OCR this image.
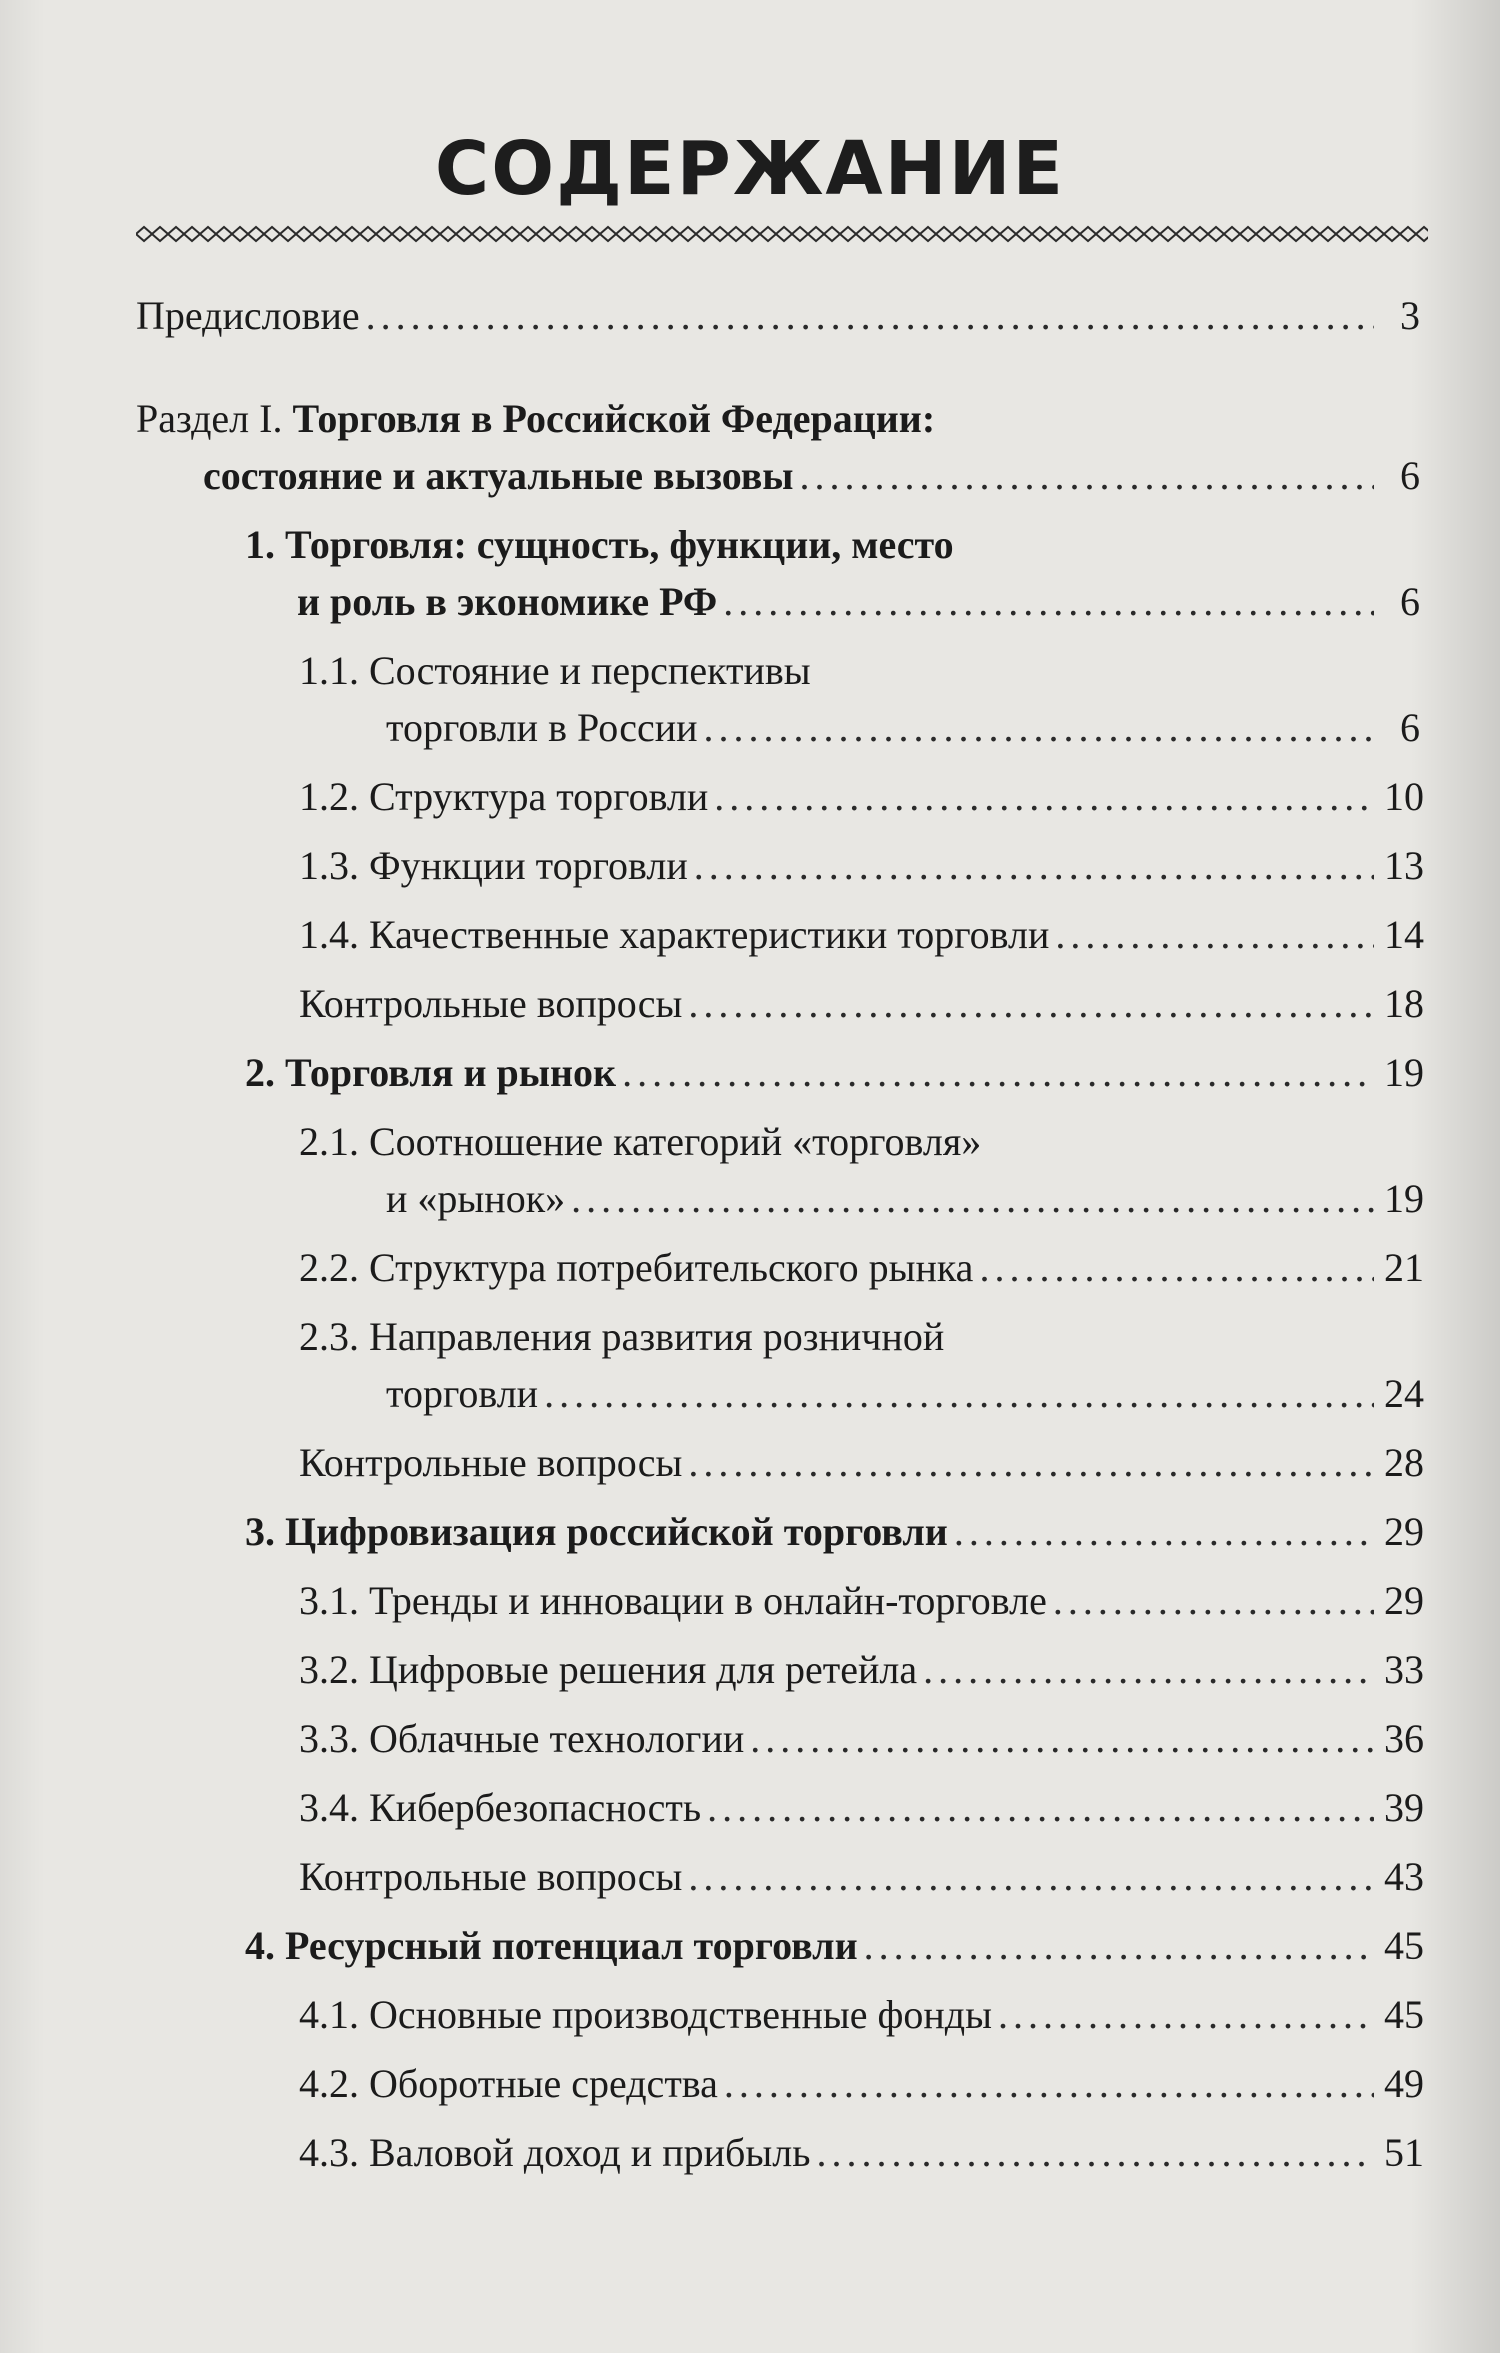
СОДЕРЖАНИЕ
Предисловие .....	3
Раздел I. Торговля в Российской Федерации:
состояние и актуальные вызовы .....	6
1. Торговля: сущность, функции, место
и роль в экономике РФ .....	6
1.1. Состояние и перспективы
торговли в России .....	6
1.2. Структура торговли .....	10
1.3. Функции торговли .....	13
1.4. Качественные характеристики торговли .....	14
Контрольные вопросы .....	18
2. Торговля и рынок .....	19
2.1. Соотношение категорий «торговля»
и «рынок» .....	19
2.2. Структура потребительского рынка .....	21
2.3. Направления развития розничной
торговли .....	24
Контрольные вопросы .....	28
3. Цифровизация российской торговли .....	29
3.1. Тренды и инновации в онлайн-торговле .....	29
3.2. Цифровые решения для ретейла .....	33
3.3. Облачные технологии .....	36
3.4. Кибербезопасность .....	39
Контрольные вопросы .....	43
4. Ресурсный потенциал торговли .....	45
4.1. Основные производственные фонды .....	45
4.2. Оборотные средства .....	49
4.3. Валовой доход и прибыль .....	51
